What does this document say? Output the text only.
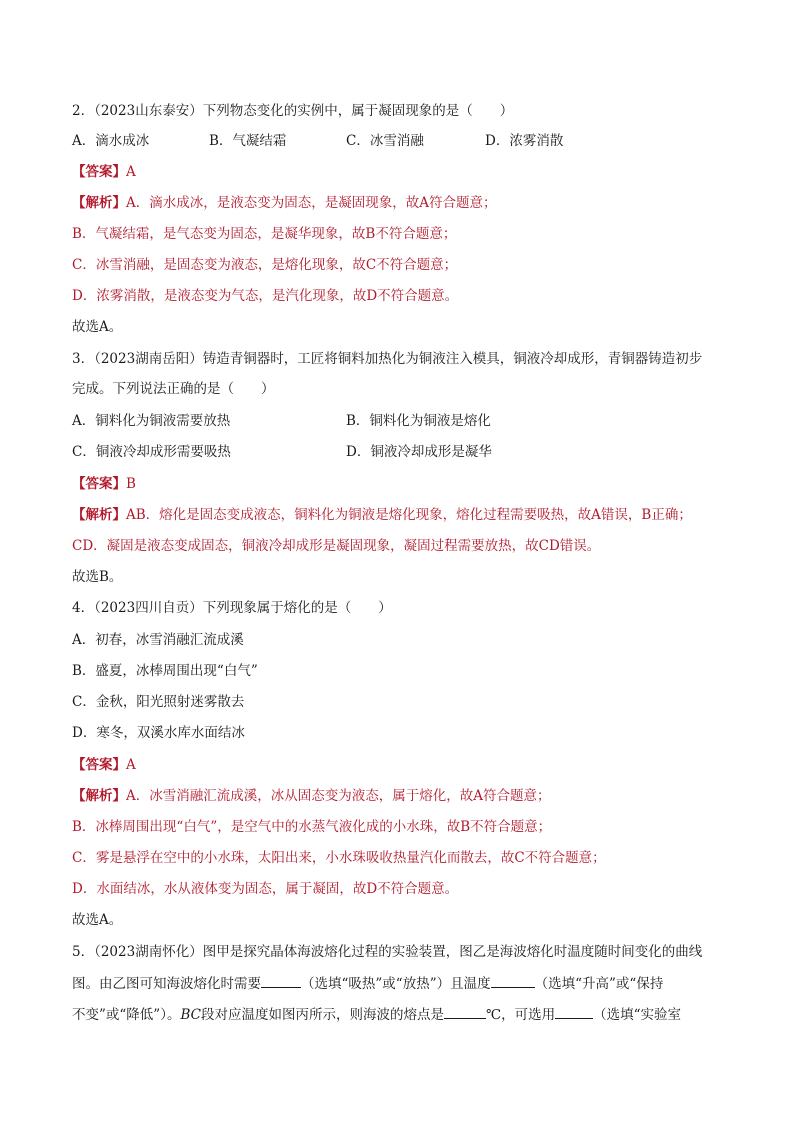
2．（2023山东泰安）下列物态变化的实例中，属于凝固现象的是（　　）
A．滴水成冰	B．气凝结霜	C．冰雪消融	D．浓雾消散
【答案】A
【解析】A．滴水成冰，是液态变为固态，是凝固现象，故A符合题意；
B．气凝结霜，是气态变为固态，是凝华现象，故B不符合题意；
C．冰雪消融，是固态变为液态，是熔化现象，故C不符合题意；
D．浓雾消散，是液态变为气态，是汽化现象，故D不符合题意。
故选A。
3．（2023湖南岳阳）铸造青铜器时，工匠将铜料加热化为铜液注入模具，铜液冷却成形，青铜器铸造初步
完成。下列说法正确的是（　　）
A．铜料化为铜液需要放热	B．铜料化为铜液是熔化
C．铜液冷却成形需要吸热	D．铜液冷却成形是凝华
【答案】B
【解析】AB．熔化是固态变成液态，铜料化为铜液是熔化现象，熔化过程需要吸热，故A错误，B正确；
CD．凝固是液态变成固态，铜液冷却成形是凝固现象，凝固过程需要放热，故CD错误。
故选B。
4．（2023四川自贡）下列现象属于熔化的是（　　）
A．初春，冰雪消融汇流成溪
B．盛夏，冰棒周围出现“白气”
C．金秋，阳光照射迷雾散去
D．寒冬，双溪水库水面结冰
【答案】A
【解析】A．冰雪消融汇流成溪，冰从固态变为液态，属于熔化，故A符合题意；
B．冰棒周围出现“白气”，是空气中的水蒸气液化成的小水珠，故B不符合题意；
C．雾是悬浮在空中的小水珠，太阳出来，小水珠吸收热量汽化而散去，故C不符合题意；
D．水面结冰，水从液体变为固态，属于凝固，故D不符合题意。
故选A。
5．（2023湖南怀化）图甲是探究晶体海波熔化过程的实验装置，图乙是海波熔化时温度随时间变化的曲线
图。由乙图可知海波熔化时需要	（选填“吸热”或“放热”）且温度	（选填“升高”或“保持
不变”或“降低”）。BC段对应温度如图丙所示，则海波的熔点是	℃，可选用	（选填“实验室
